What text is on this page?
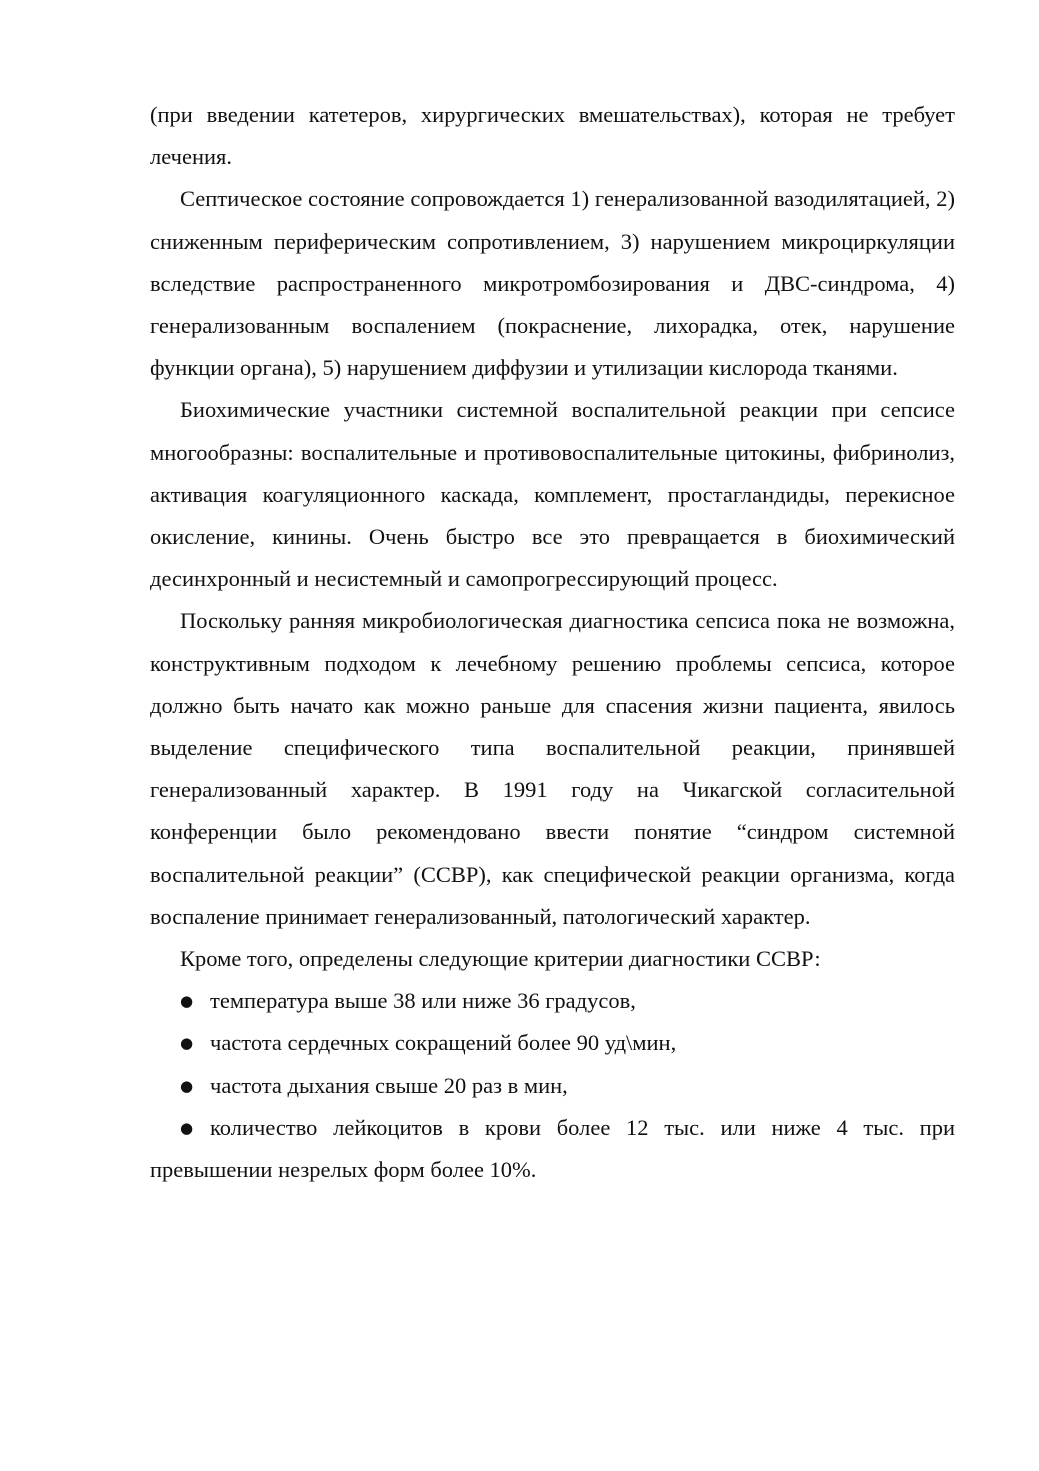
(при введении катетеров, хирургических вмешательствах), которая не требует лечения.

Септическое состояние сопровождается 1) генерализованной вазодилятацией, 2) сниженным периферическим сопротивлением, 3) нарушением микроциркуляции вследствие распространенного микротромбозирования и ДВС-синдрома, 4) генерализованным воспалением (покраснение, лихорадка, отек, нарушение функции органа), 5) нарушением диффузии и утилизации кислорода тканями.

Биохимические участники системной воспалительной реакции при сепсисе многообразны: воспалительные и противовоспалительные цитокины, фибринолиз, активация коагуляционного каскада, комплемент, простагландиды, перекисное окисление, кинины. Очень быстро все это превращается в биохимический десинхронный и несистемный и самопрогрессирующий процесс.

Поскольку ранняя микробиологическая диагностика сепсиса пока не возможна, конструктивным подходом к лечебному решению проблемы сепсиса, которое должно быть начато как можно раньше для спасения жизни пациента, явилось выделение специфического типа воспалительной реакции, принявшей генерализованный характер. В 1991 году на Чикагской согласительной конференции было рекомендовано ввести понятие “синдром системной воспалительной реакции” (ССВР), как специфической реакции организма, когда воспаление принимает генерализованный, патологический характер.

Кроме того, определены следующие критерии диагностики ССВР:

● температура выше 38 или ниже 36 градусов,
● частота сердечных сокращений более 90 уд\мин,
● частота дыхания свыше 20 раз в мин,
● количество лейкоцитов в крови более 12 тыс. или ниже 4 тыс. при превышении незрелых форм более 10%.
